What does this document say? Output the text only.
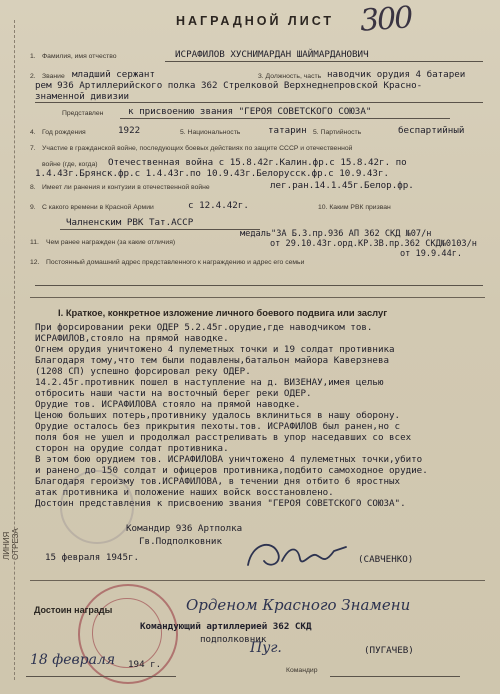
ЛИНИЯ ОТРЕЗА
НАГРАДНОЙ ЛИСТ 300
1. Фамилия, имя отчество	ИСРАФИЛОВ ХУСНИМАРДАН ШАЙМАРДАНОВИЧ
2. Звание младший сержант	3. Должность, часть наводчик орудия 4 батареи
рем 936 Артиллерийского полка 362 Стрелковой Верхнеднепровской Красно-
знаменной дивизии
Представлен	к присвоению звания "ГЕРОЯ СОВЕТСКОГО СОЮЗА"
4. Год рождения	1922	5. Национальность	татарин 5. Партийность	беспартийный
7. Участие в гражданской войне, последующих боевых действиях по защите СССР и отечественной
войне (где, когда) Отечественная война с 15.8.42г.Калин.фр.с 15.8.42г. по
1.4.43г.Брянск.фр.с 1.4.43г.по 10.9.43г.Белорусск.фр.с 10.9.43г.
8. Имеет ли ранения и контузии в отечественной войне	лег.ран.14.1.45г.Белор.фр.
9. С какого времени в Красной Армии	с 12.4.42г.	10. Каким РВК призван
Чалненским РВК Тат.АССР
11. Чем ранее награжден (за какие отличия)
медаль"ЗА Б.З.пр.936 АП 362 СКД №07/н
от 29.10.43г.орд.КР.ЗВ.пр.362 СКД№0103/н
от 19.9.44г.
12. Постоянный домашний адрес представленного к награждению и адрес его семьи
I. Краткое, конкретное изложение личного боевого подвига или заслуг
При форсировании реки ОДЕР 5.2.45г.орудие,где наводчиком тов.
ИСРАФИЛОВ,стояло на прямой наводке.
Огнем орудия уничтожено 4 пулеметных точки и 19 солдат противника
Благодаря тому,что тем были подавлены,батальон майора Каверзнева
(1208 СП) успешно форсировал реку ОДЕР.
14.2.45г.противник пошел в наступление на д. ВИЗЕНАУ,имея целью
отбросить наши части на восточный берег реки ОДЕР.
Орудие тов. ИСРАФИЛОВА стояло на прямой наводке.
Ценою больших потерь,противнику удалось вклиниться в нашу оборону.
Орудие осталось без прикрытия пехоты.тов. ИСРАФИЛОВ был ранен,но с
поля боя не ушел и продолжал расстреливать в упор наседавших со всех
сторон на орудие солдат противника.
В этом бою орудием тов. ИСРАФИЛОВА уничтожено 4 пулеметных точки,убито
и ранено до 150 солдат и офицеров противника,подбито самоходное орудие.
Благодаря героизму тов.ИСРАФИЛОВА, в течении дня отбито 6 яростных
атак противника и положение наших войск восстановлено.
Достоин представления к присвоению звания "ГЕРОЯ СОВЕТСКОГО СОЮЗА".
Командир 936 Артполка
Гв.Подполковник
(САВЧЕНКО)
15 февраля 1945г.
Достоин награды	Орденом Красного Знамени
Командующий артиллерией 362 СКД
подполковник
Пуг.	(ПУГАЧЕВ)
Командир
18 февраля 194 г.
